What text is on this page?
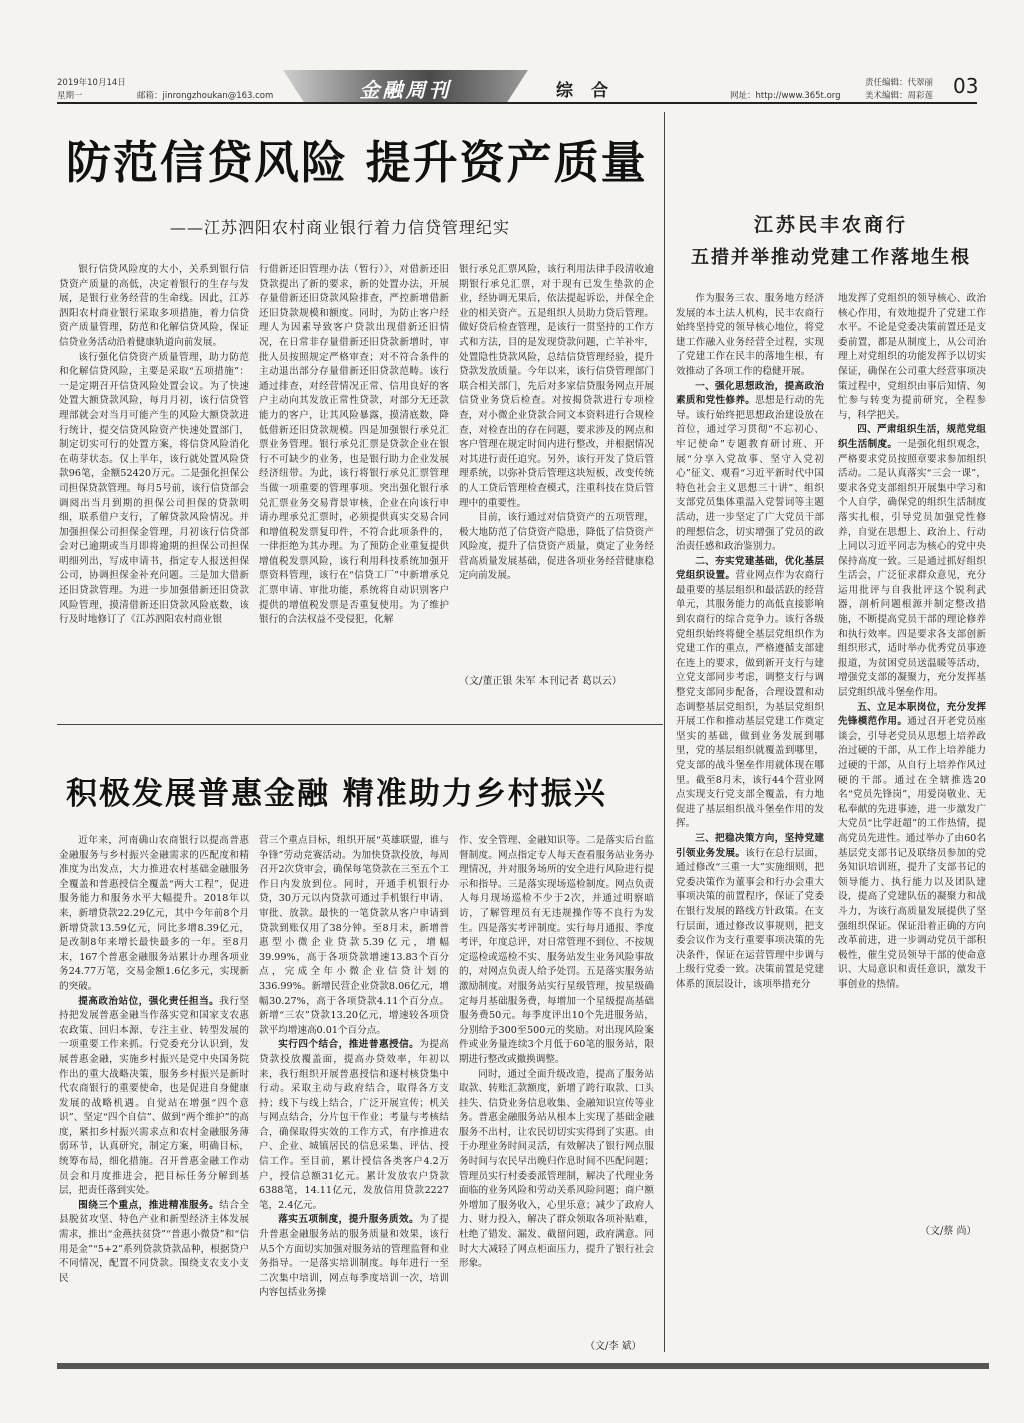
2019年10月14日
星期一	邮箱：jinrongzhoukan@163.com	金融周刊	综合	网址：http://www.365t.org
责任编辑：代翠丽
美术编辑：周彩莲 03
防范信贷风险 提升资产质量
——江苏泗阳农村商业银行着力信贷管理纪实

银行信贷风险度的大小，关系到银行信贷资产质量的高低，决定着银行的生存与发展，是银行业务经营的生命线。因此，江苏泗阳农村商业银行采取多项措施，着力信贷资产质量管理，防范和化解信贷风险，保证信贷业务活动沿着健康轨道向前发展。

该行强化信贷资产质量管理，助力防范和化解信贷风险，主要是采取“五项措施”：一是定期召开信贷风险处置会议。为了快速处置大额贷款风险，每月月初，该行信贷管理部就会对当月可能产生的风险大额贷款进行统计，提交信贷风险资产快速处置部门，制定切实可行的处置方案，将信贷风险消化在萌芽状态。仅上半年，该行就处置风险贷款96笔，金额52420万元。二是强化担保公司担保贷款管理。每月5号前，该行信贷部会调阅出当月到期的担保公司担保的贷款明细，联系借户支行，了解贷款风险情况。并加强担保公司担保金管理，月初该行信贷部会对已逾期或当月即将逾期的担保公司担保明细列出，写成申请书，指定专人报送担保公司，协调担保金补充问题。三是加大借新还旧贷款管理。为进一步加强借新还旧贷款风险管理，摸清借新还旧贷款风险底数，该行及时地修订了《江苏泗阳农村商业银

行借新还旧管理办法（暂行）》，对借新还旧贷款提出了新的要求，新的处置办法，开展存量借新还旧贷款风险排查，严控新增借新还旧贷款规模和额度。同时，为防止客户经理人为因素导致客户贷款出现借新还旧情况，在日常非存量借新还旧贷款新增时，审批人员按照规定严格审查；对不符合条件的主动退出部分存量借新还旧贷款范畴。该行通过排查，对经营情况正常、信用良好的客户主动向其发放正常性贷款，对部分无还款能力的客户，让其风险暴露，摸清底数，降低借新还旧贷款规模。四是加强银行承兑汇票业务管理。银行承兑汇票是贷款企业在银行不可缺少的业务，也是银行助力企业发展经济纽带。为此，该行将银行承兑汇票管理当做一项重要的管理事项。突出强化银行承兑汇票业务交易背景审核，企业在向该行申请办理承兑汇票时，必须提供真实交易合同和增值税发票复印件，不符合此项条件的，一律拒绝为其办理。为了预防企业重复提供增值税发票风险，该行利用科技系统加强开票资料管理，该行在“信贷工厂”中新增承兑汇票申请、审批功能，系统将自动识别客户提供的增值税发票是否重复使用。为了维护银行的合法权益不受侵犯，化解

银行承兑汇票风险，该行利用法律手段清收逾期银行承兑汇票，对于现有已发生垫款的企业，经协调无果后，依法提起诉讼，并保全企业的相关资产。五是组织人员助力贷后管理。做好贷后检查管理，是该行一贯坚持的工作方式和方法，目的是发现贷款问题，亡羊补牢，处置隐性贷款风险，总结信贷管理经验，提升贷款发放质量。今年以来，该行信贷管理部门联合相关部门，先后对多家信贷服务网点开展信贷业务贷后检查。对按揭贷款进行专项检查，对小微企业贷款合同文本资料进行合规检查，对检查出的存在问题，要求涉及的网点和客户管理在规定时间内进行整改，并根据情况对其进行责任追究。另外，该行开发了贷后管理系统，以弥补贷后管理这块短板，改变传统的人工贷后管理检查模式，注重科技在贷后管理中的重要性。

目前，该行通过对信贷资产的五项管理，极大地防范了信贷资产隐患，降低了信贷资产风险度，提升了信贷资产质量，奠定了业务经营高质量发展基础，促进各项业务经营健康稳定向前发展。

（文/董正银 朱军 本刊记者 葛以云）
积极发展普惠金融 精准助力乡村振兴

近年来，河南确山农商银行以提高普惠金融服务与乡村振兴金融需求的匹配度和精准度为出发点，大力推进农村基础金融服务全覆盖和普惠授信全覆盖“两大工程”，促进服务能力和服务水平大幅提升。2018年以来，新增贷款22.29亿元，其中今年前8个月新增贷款13.59亿元，同比多增8.39亿元，是改制8年来增长最快最多的一年。至8月末，167个普惠金融服务站累计办理各项业务24.77万笔，交易金额1.6亿多元，实现新的突破。

提高政治站位，强化责任担当。我行坚持把发展普惠金融当作落实党和国家支农惠农政策、回归本源、专注主业、转型发展的一项重要工作来抓。行党委充分认识到，发展普惠金融，实施乡村振兴是党中央国务院作出的重大战略决策，服务乡村振兴是新时代农商银行的重要使命，也是促进自身健康发展的战略机遇。自觉站在增强“四个意识”、坚定“四个自信”、做到“两个维护”的高度，紧扣乡村振兴需求点和农村金融服务薄弱环节，认真研究，制定方案，明确目标，统筹布局，细化措施。召开普惠金融工作动员会和月度推进会，把目标任务分解到基层，把责任落到实处。

围绕三个重点，推进精准服务。结合全县脱贫攻坚、特色产业和新型经济主体发展需求，推出“金燕扶贫贷”“普惠小微贷”和“信用是金”“5+2”系列贷款贷款品种，根据贷户不同情况，配置不同贷款。围绕支农支小支民

营三个重点目标，组织开展“英雄联盟，谁与争锋”劳动竞赛活动。为加快贷款投放，每周召开2次贷审会，确保每笔贷款在三至五个工作日内发放到位。同时，开通手机银行办贷，30万元以内贷款可通过手机银行申请、审批、放款。最快的一笔贷款从客户申请到贷款到账仅用了38分钟。至8月末，新增普惠型小微企业贷款5.39亿元，增幅39.99%，高于各项贷款增速13.83个百分点，完成全年小微企业信贷计划的336.99%。新增民营企业贷款8.06亿元，增幅30.27%，高于各项贷款4.11个百分点。新增“三农”贷款13.20亿元，增速较各项贷款平均增速高0.01个百分点。

实行四个结合，推进普惠授信。为提高贷款投放覆盖面，提高办贷效率，年初以来，我行组织开展普惠授信和逐村核贷集中行动。采取主动与政府结合，取得各方支持；线下与线上结合，广泛开展宣传；机关与网点结合，分片包干作业；考量与考核结合，确保取得实效的工作方式，有序推进农户、企业、城镇居民的信息采集、评估、授信工作。至目前，累计授信各类客户4.2万户，授信总额31亿元。累计发放农户贷款6388笔，14.11亿元，发放信用贷款2227笔，2.4亿元。

落实五项制度，提升服务质效。为了提升普惠金融服务站的服务质量和效果，该行从5个方面切实加强对服务站的管理监督和业务指导。一是落实培训制度。每年进行一至二次集中培训，网点每季度培训一次，培训内容包括业务操

作、安全管理、金融知识等。二是落实后台监督制度。网点指定专人每天查看服务站业务办理情况，并对服务场所的安全进行风险进行提示和指导。三是落实现场巡检制度。网点负责人每月现场巡检不少于2次，并通过明察暗访，了解管理员有无违规操作等不良行为发生。四是落实考评制度。实行每月通报、季度考评，年度总评，对日常管理不到位、不按规定巡检或巡检不实、服务站发生业务风险事故的，对网点负责人给予处罚。五是落实服务站激励制度。对服务站实行星级管理，按星级确定每月基础服务费，每增加一个星级提高基础服务费50元。每季度评出10个先进服务站，分别给予300至500元的奖励。对出现风险案件或业务量连续3个月低于60笔的服务站，限期进行整改或撤换调整。

同时，通过全面升级改造，提高了服务站取款、转账汇款额度，新增了跨行取款、口头挂失、信贷业务信息收集、金融知识宣传等业务。普惠金融服务站从根本上实现了基础金融服务不出村，让农民切切实实得到了实惠。由于办理业务时间灵活，有效解决了银行网点服务时间与农民早出晚归作息时间不匹配问题；管理员实行村委委派管理制，解决了代理业务面临的业务风险和劳动关系风险问题；商户额外增加了服务收入，心里乐意；减少了政府人力、财力投入，解决了群众领取各项补贴难，杜绝了错发、漏发、截留问题，政府满意。同时大大减轻了网点柜面压力，提升了银行社会形象。

（文/李 斌）
江苏民丰农商行
五措并举推动党建工作落地生根

作为服务三农、服务地方经济发展的本土法人机构，民丰农商行始终坚持党的领导核心地位，将党建工作融入业务经营全过程，实现了党建工作在民丰的落地生根，有效推动了各项工作的稳健开展。

一、强化思想政治，提高政治素质和党性修养。思想是行动的先导。该行始终把思想政治建设放在首位，通过学习贯彻“不忘初心、牢记使命”专题教育研讨班、开展“分享入党故事、坚守入党初心”征文、观看“习近平新时代中国特色社会主义思想三十讲”、组织支部党员集体重温入党誓词等主题活动，进一步坚定了广大党员干部的理想信念，切实增强了党员的政治责任感和政治鉴别力。

二、夯实党建基础，优化基层党组织设置。营业网点作为农商行最重要的基层组织和最活跃的经营单元，其服务能力的高低直接影响到农商行的综合竞争力。该行各级党组织始终将健全基层党组织作为党建工作的重点，严格遵循支部建在连上的要求，做到新开支行与建立党支部同步考虑，调整支行与调整党支部同步配备，合理设置和动态调整基层党组织，为基层党组织开展工作和推动基层党建工作奠定坚实的基础，做到业务发展到哪里，党的基层组织就覆盖到哪里，党支部的战斗堡垒作用就体现在哪里。截至8月末，该行44个营业网点实现支行党支部全覆盖，有力地促进了基层组织战斗堡垒作用的发挥。

三、把稳决策方向，坚持党建引领业务发展。该行在总行层面，通过修改“三重一大”实施细则，把党委决策作为董事会和行办会重大事项决策的前置程序，保证了党委在银行发展的路线方针政策。在支行层面，通过修改议事规则，把支委会议作为支行重要事项决策的先决条件，保证在运营管理中步调与上级行党委一致。决策前置是党建体系的顶层设计，该项举措充分

地发挥了党组织的领导核心、政治核心作用，有效地提升了党建工作水平。不论是党委决策前置还是支委前置，都是从制度上，从公司治理上对党组织的功能发挥予以切实保证，确保在公司重大经营事项决策过程中，党组织由事后知情、匆忙参与转变为提前研究，全程参与，科学把关。

四、严肃组织生活，规范党组织生活制度。一是强化组织观念，严格要求党员按照章要求参加组织活动。二是认真落实“三会一课”，要求各党支部组织开展集中学习和个人自学，确保党的组织生活制度落实扎根，引导党员加强党性修养，自觉在思想上、政治上、行动上同以习近平同志为核心的党中央保持高度一致。三是通过抓好组织生活会，广泛征求群众意见，充分运用批评与自我批评这个锐利武器，剖析问题根源并制定整改措施，不断提高党员干部的理论修养和执行效率。四是要求各支部创新组织形式，适时举办优秀党员事迹报道，为贫困党员送温暖等活动，增强党支部的凝聚力，充分发挥基层党组织战斗堡垒作用。

五、立足本职岗位，充分发挥先锋模范作用。通过召开老党员座谈会，引导老党员从思想上培养政治过硬的干部，从工作上培养能力过硬的干部，从自行上培养作风过硬的干部。通过在全辖推选20名“党员先锋岗”，用爱岗敬业、无私奉献的先进事迹，进一步激发广大党员“比学赶超”的工作热情，提高党员先进性。通过举办了由60名基层党支部书记及联络员参加的党务知识培训班，提升了支部书记的领导能力、执行能力以及团队建设，提高了党建队伍的凝聚力和战斗力，为该行高质量发展提供了坚强组织保证。保证沿着正确的方向改革前进，进一步调动党员干部积极性，催生党员领导干部的使命意识、大局意识和责任意识，激发干事创业的热情。

（文/蔡 尚）
